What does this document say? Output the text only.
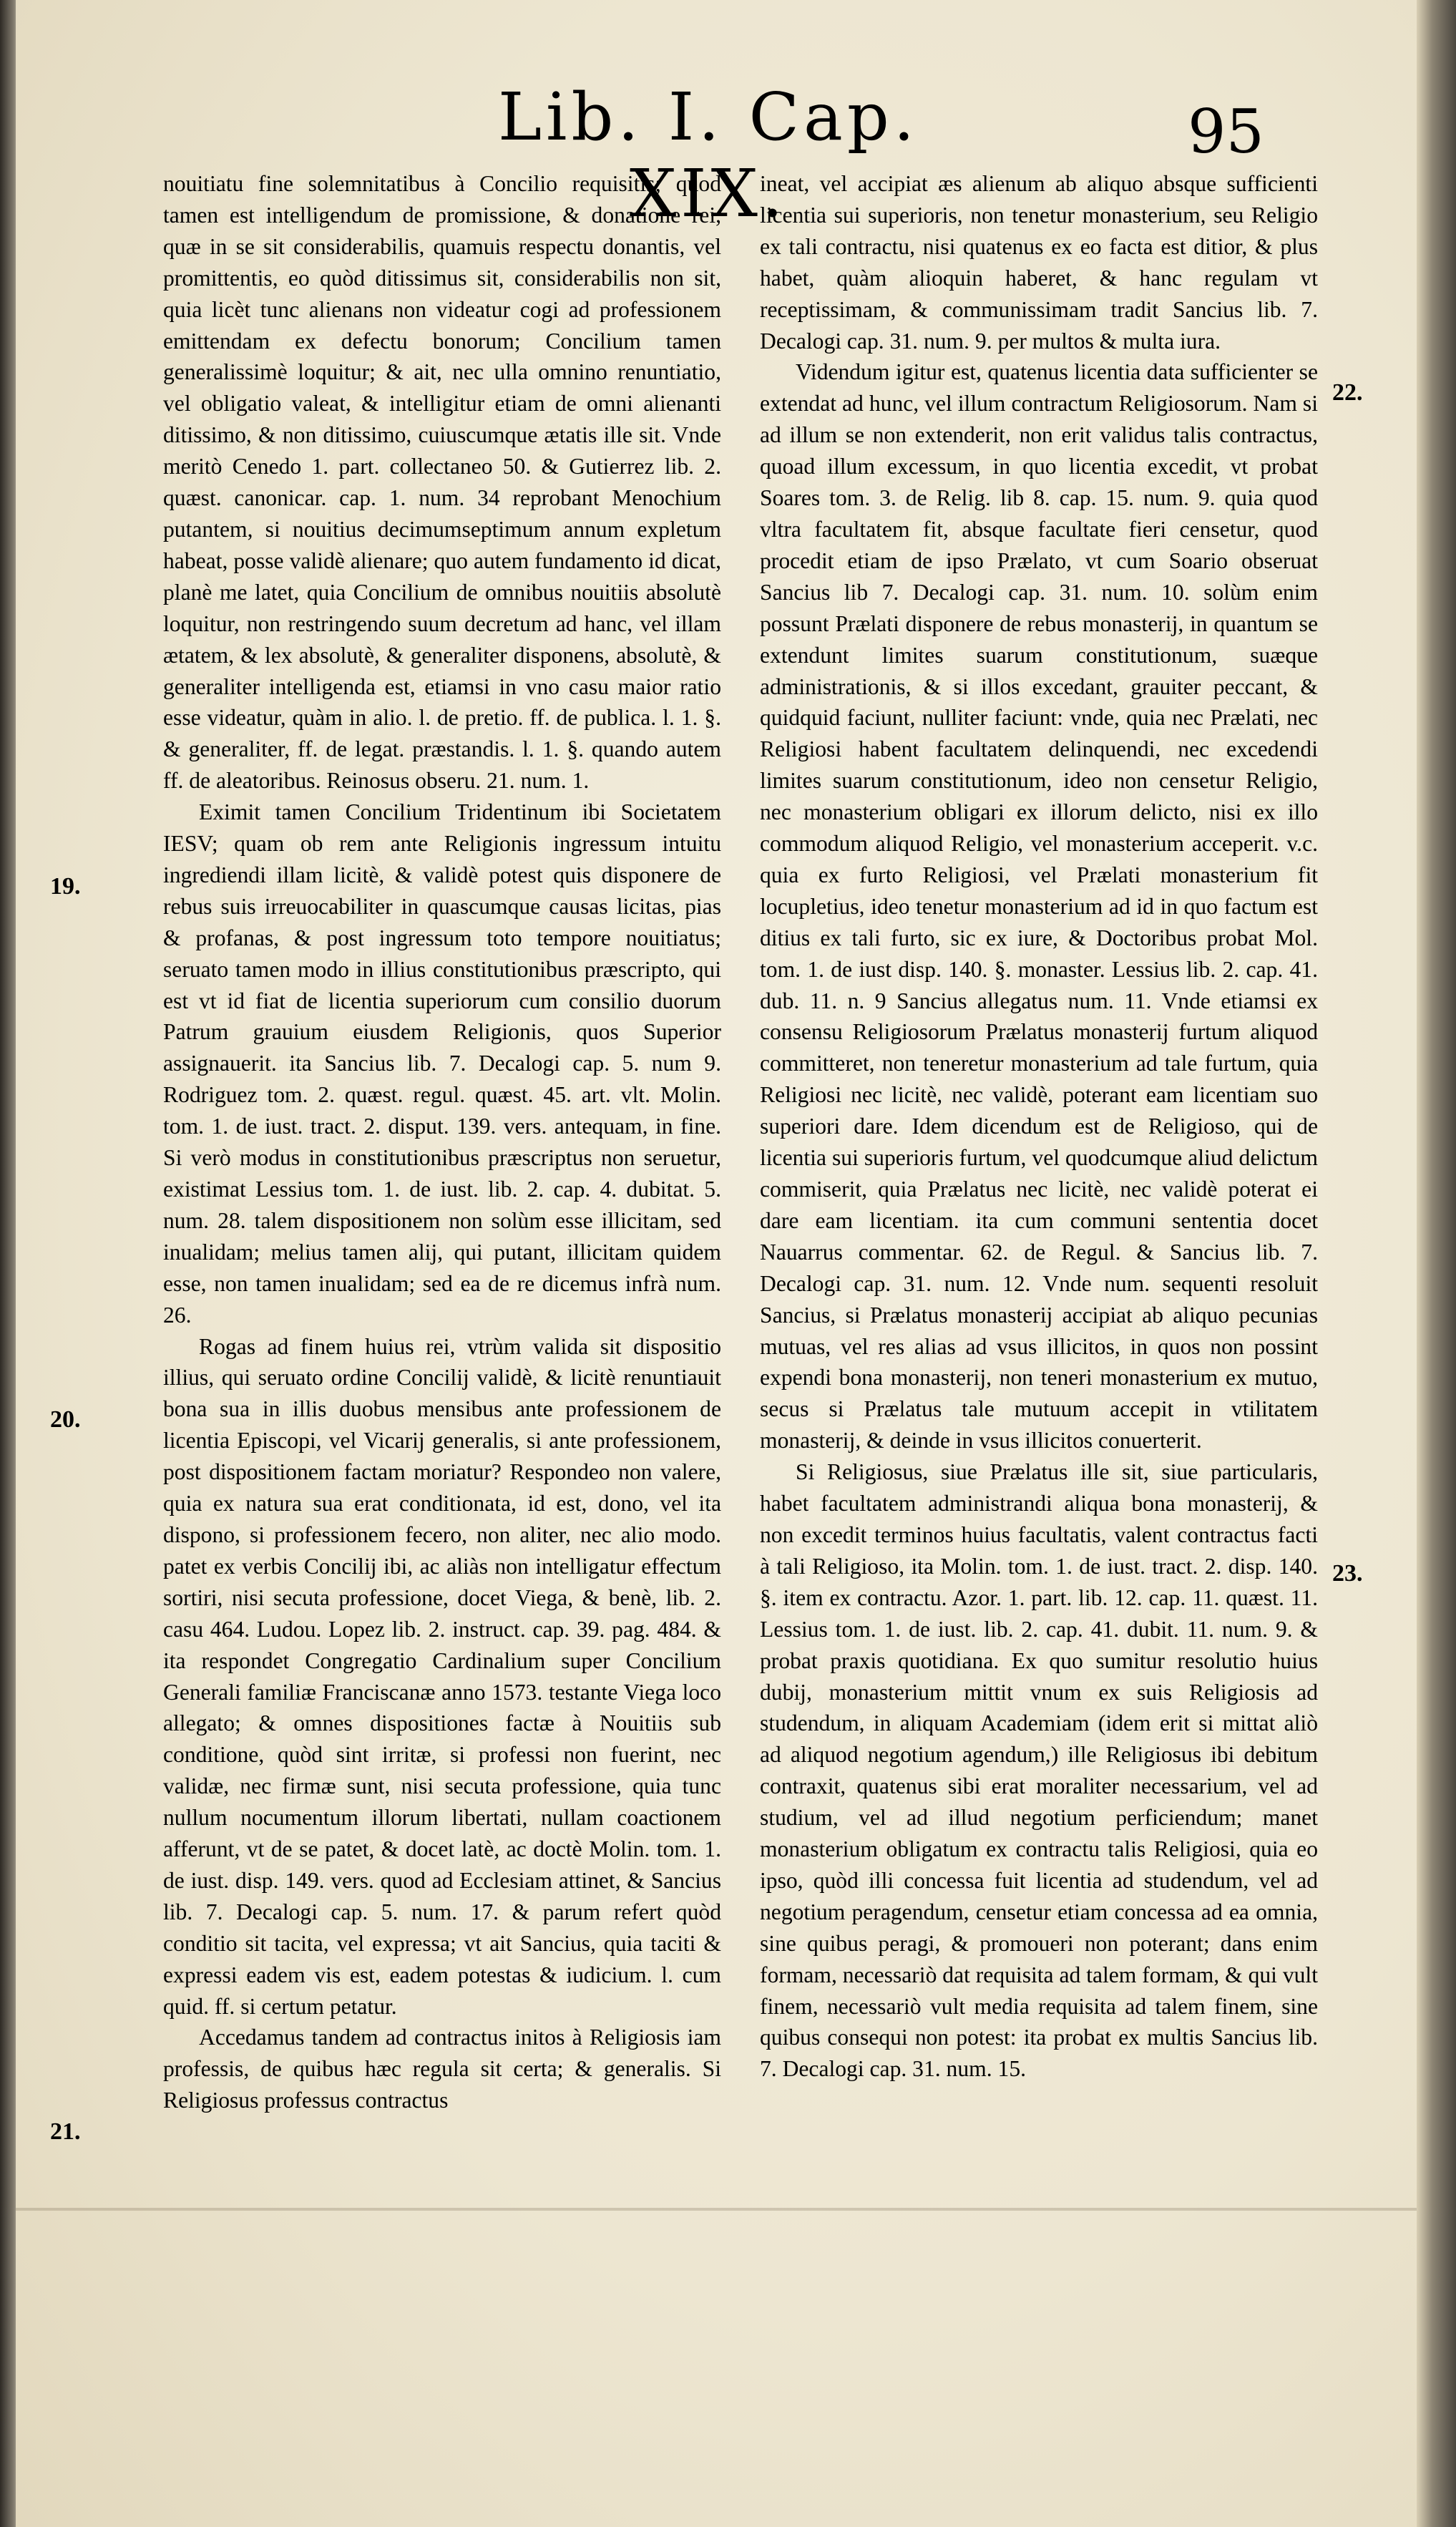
Lib. I. Cap. XIX.
95

nouitiatu fine solemnitatibus à Concilio requisitis; quod tamen est intelligendum de promissione, & donatione rei, quæ in se sit considerabilis, quamuis respectu donantis, vel promittentis, eo quòd ditissimus sit, considerabilis non sit, quia licèt tunc alienans non videatur cogi ad professionem emittendam ex defectu bonorum; Concilium tamen generalissimè loquitur; & ait, nec ulla omnino renuntiatio, vel obligatio valeat, & intelligitur etiam de omni alienanti ditissimo, & non ditissimo, cuiuscumque ætatis ille sit. Vnde meritò Cenedo 1. part. collectaneo 50. & Gutierrez lib. 2. quæst. canonicar. cap. 1. num. 34 reprobant Menochium putantem, si nouitius decimumseptimum annum expletum habeat, posse validè alienare; quo autem fundamento id dicat, planè me latet, quia Concilium de omnibus nouitiis absolutè loquitur, non restringendo suum decretum ad hanc, vel illam ætatem, & lex absolutè, & generaliter disponens, absolutè, & generaliter intelligenda est, etiamsi in vno casu maior ratio esse videatur, quàm in alio. l. de pretio. ff. de publica. l. 1. §. & generaliter, ff. de legat. præstandis. l. 1. §. quando autem ff. de aleatoribus. Reinosus obseru. 21. num. 1.

Eximit tamen Concilium Tridentinum ibi Societatem IESV; quam ob rem ante Religionis ingressum intuitu ingrediendi illam licitè, & validè potest quis disponere de rebus suis irreuocabiliter in quascumque causas licitas, pias & profanas, & post ingressum toto tempore nouitiatus; seruato tamen modo in illius constitutionibus præscripto, qui est vt id fiat de licentia superiorum cum consilio duorum Patrum grauium eiusdem Religionis, quos Superior assignauerit. ita Sancius lib. 7. Decalogi cap. 5. num 9. Rodriguez tom. 2. quæst. regul. quæst. 45. art. vlt. Molin. tom. 1. de iust. tract. 2. disput. 139. vers. antequam, in fine. Si verò modus in constitutionibus præscriptus non seruetur, existimat Lessius tom. 1. de iust. lib. 2. cap. 4. dubitat. 5. num. 28. talem dispositionem non solùm esse illicitam, sed inualidam; melius tamen alij, qui putant, illicitam quidem esse, non tamen inualidam; sed ea de re dicemus infrà num. 26.

Rogas ad finem huius rei, vtrùm valida sit dispositio illius, qui seruato ordine Concilij validè, & licitè renuntiauit bona sua in illis duobus mensibus ante professionem de licentia Episcopi, vel Vicarij generalis, si ante professionem, post dispositionem factam moriatur? Respondeo non valere, quia ex natura sua erat conditionata, id est, dono, vel ita dispono, si professionem fecero, non aliter, nec alio modo. patet ex verbis Concilij ibi, ac aliàs non intelligatur effectum sortiri, nisi secuta professione, docet Viega, & benè, lib. 2. casu 464. Ludou. Lopez lib. 2. instruct. cap. 39. pag. 484. & ita respondet Congregatio Cardinalium super Concilium Generali familiæ Franciscanæ anno 1573. testante Viega loco allegato; & omnes dispositiones factæ à Nouitiis sub conditione, quòd sint irritæ, si professi non fuerint, nec validæ, nec firmæ sunt, nisi secuta professione, quia tunc nullum nocumentum illorum libertati, nullam coactionem afferunt, vt de se patet, & docet latè, ac doctè Molin. tom. 1. de iust. disp. 149. vers. quod ad Ecclesiam attinet, & Sancius lib. 7. Decalogi cap. 5. num. 17. & parum refert quòd conditio sit tacita, vel expressa; vt ait Sancius, quia taciti & expressi eadem vis est, eadem potestas & iudicium. l. cum quid. ff. si certum petatur.

Accedamus tandem ad contractus initos à Religiosis iam professis, de quibus hæc regula sit certa; & generalis. Si Religiosus professus contractus

ineat, vel accipiat æs alienum ab aliquo absque sufficienti licentia sui superioris, non tenetur monasterium, seu Religio ex tali contractu, nisi quatenus ex eo facta est ditior, & plus habet, quàm alioquin haberet, & hanc regulam vt receptissimam, & communissimam tradit Sancius lib. 7. Decalogi cap. 31. num. 9. per multos & multa iura.

Videndum igitur est, quatenus licentia data sufficienter se extendat ad hunc, vel illum contractum Religiosorum. Nam si ad illum se non extenderit, non erit validus talis contractus, quoad illum excessum, in quo licentia excedit, vt probat Soares tom. 3. de Relig. lib 8. cap. 15. num. 9. quia quod vltra facultatem fit, absque facultate fieri censetur, quod procedit etiam de ipso Prælato, vt cum Soario obseruat Sancius lib 7. Decalogi cap. 31. num. 10. solùm enim possunt Prælati disponere de rebus monasterij, in quantum se extendunt limites suarum constitutionum, suæque administrationis, & si illos excedant, grauiter peccant, & quidquid faciunt, nulliter faciunt: vnde, quia nec Prælati, nec Religiosi habent facultatem delinquendi, nec excedendi limites suarum constitutionum, ideo non censetur Religio, nec monasterium obligari ex illorum delicto, nisi ex illo commodum aliquod Religio, vel monasterium acceperit. v.c. quia ex furto Religiosi, vel Prælati monasterium fit locupletius, ideo tenetur monasterium ad id in quo factum est ditius ex tali furto, sic ex iure, & Doctoribus probat Mol. tom. 1. de iust disp. 140. §. monaster. Lessius lib. 2. cap. 41. dub. 11. n. 9 Sancius allegatus num. 11. Vnde etiamsi ex consensu Religiosorum Prælatus monasterij furtum aliquod committeret, non teneretur monasterium ad tale furtum, quia Religiosi nec licitè, nec validè, poterant eam licentiam suo superiori dare. Idem dicendum est de Religioso, qui de licentia sui superioris furtum, vel quodcumque aliud delictum commiserit, quia Prælatus nec licitè, nec validè poterat ei dare eam licentiam. ita cum communi sententia docet Nauarrus commentar. 62. de Regul. & Sancius lib. 7. Decalogi cap. 31. num. 12. Vnde num. sequenti resoluit Sancius, si Prælatus monasterij accipiat ab aliquo pecunias mutuas, vel res alias ad vsus illicitos, in quos non possint expendi bona monasterij, non teneri monasterium ex mutuo, secus si Prælatus tale mutuum accepit in vtilitatem monasterij, & deinde in vsus illicitos conuerterit.

Si Religiosus, siue Prælatus ille sit, siue particularis, habet facultatem administrandi aliqua bona monasterij, & non excedit terminos huius facultatis, valent contractus facti à tali Religioso, ita Molin. tom. 1. de iust. tract. 2. disp. 140. §. item ex contractu. Azor. 1. part. lib. 12. cap. 11. quæst. 11. Lessius tom. 1. de iust. lib. 2. cap. 41. dubit. 11. num. 9. & probat praxis quotidiana. Ex quo sumitur resolutio huius dubij, monasterium mittit vnum ex suis Religiosis ad studendum, in aliquam Academiam (idem erit si mittat aliò ad aliquod negotium agendum,) ille Religiosus ibi debitum contraxit, quatenus sibi erat moraliter necessarium, vel ad studium, vel ad illud negotium perficiendum; manet monasterium obligatum ex contractu talis Religiosi, quia eo ipso, quòd illi concessa fuit licentia ad studendum, vel ad negotium peragendum, censetur etiam concessa ad ea omnia, sine quibus peragi, & promoueri non poterant; dans enim formam, necessariò dat requisita ad talem formam, & qui vult finem, necessariò vult media requisita ad talem finem, sine quibus consequi non potest: ita probat ex multis Sancius lib. 7. Decalogi cap. 31. num. 15.

19.
20.
21.
22.
23.
